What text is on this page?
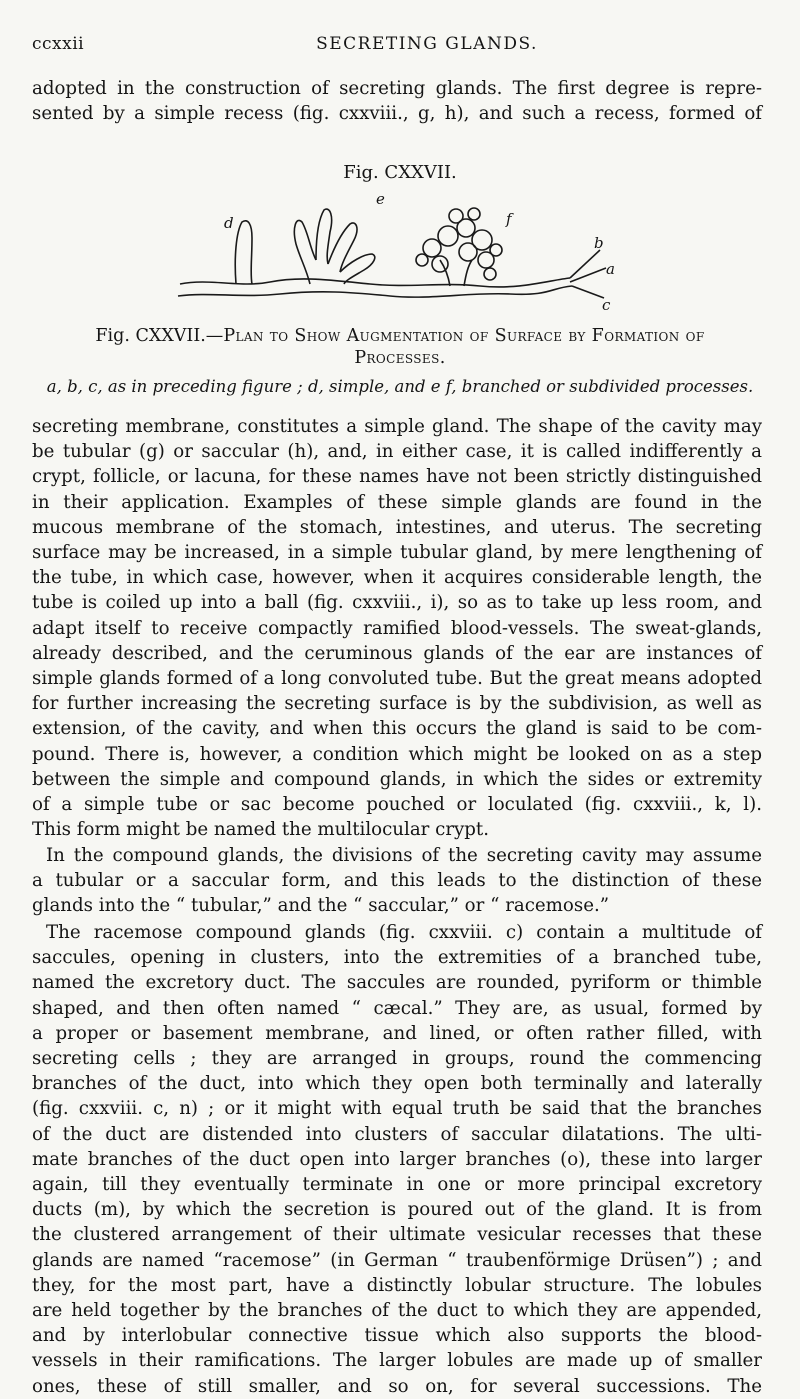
ccxxii	SECRETING GLANDS.
adopted in the construction of secreting glands. The first degree is repre-
sented by a simple recess (fig. cxxviii., g, h), and such a recess, formed of
Fig. CXXVII.
d
e
f
b
a
c
Fig. CXXVII.—Plan to Show Augmentation of Surface by Formation of
Processes.
a, b, c, as in preceding figure ; d, simple, and e f, branched or subdivided processes.
secreting membrane, constitutes a simple gland. The shape of the cavity may
be tubular (g) or saccular (h), and, in either case, it is called indifferently a
crypt, follicle, or lacuna, for these names have not been strictly distinguished
in their application. Examples of these simple glands are found in the
mucous membrane of the stomach, intestines, and uterus. The secreting
surface may be increased, in a simple tubular gland, by mere lengthening of
the tube, in which case, however, when it acquires considerable length, the
tube is coiled up into a ball (fig. cxxviii., i), so as to take up less room, and
adapt itself to receive compactly ramified blood-vessels. The sweat-glands,
already described, and the ceruminous glands of the ear are instances of
simple glands formed of a long convoluted tube. But the great means adopted
for further increasing the secreting surface is by the subdivision, as well as
extension, of the cavity, and when this occurs the gland is said to be com-
pound. There is, however, a condition which might be looked on as a step
between the simple and compound glands, in which the sides or extremity
of a simple tube or sac become pouched or loculated (fig. cxxviii., k, l).
This form might be named the multilocular crypt.
In the compound glands, the divisions of the secreting cavity may assume
a tubular or a saccular form, and this leads to the distinction of these
glands into the “ tubular,” and the “ saccular,” or “ racemose.”
The racemose compound glands (fig. cxxviii. c) contain a multitude of
saccules, opening in clusters, into the extremities of a branched tube,
named the excretory duct. The saccules are rounded, pyriform or thimble
shaped, and then often named “ cæcal.” They are, as usual, formed by
a proper or basement membrane, and lined, or often rather filled, with
secreting cells ; they are arranged in groups, round the commencing
branches of the duct, into which they open both terminally and laterally
(fig. cxxviii. c, n) ; or it might with equal truth be said that the branches
of the duct are distended into clusters of saccular dilatations. The ulti-
mate branches of the duct open into larger branches (o), these into larger
again, till they eventually terminate in one or more principal excretory
ducts (m), by which the secretion is poured out of the gland. It is from
the clustered arrangement of their ultimate vesicular recesses that these
glands are named “racemose” (in German “ traubenförmige Drüsen”) ; and
they, for the most part, have a distinctly lobular structure. The lobules
are held together by the branches of the duct to which they are appended,
and by interlobular connective tissue which also supports the blood-
vessels in their ramifications. The larger lobules are made up of smaller
ones, these of still smaller, and so on, for several successions. The
